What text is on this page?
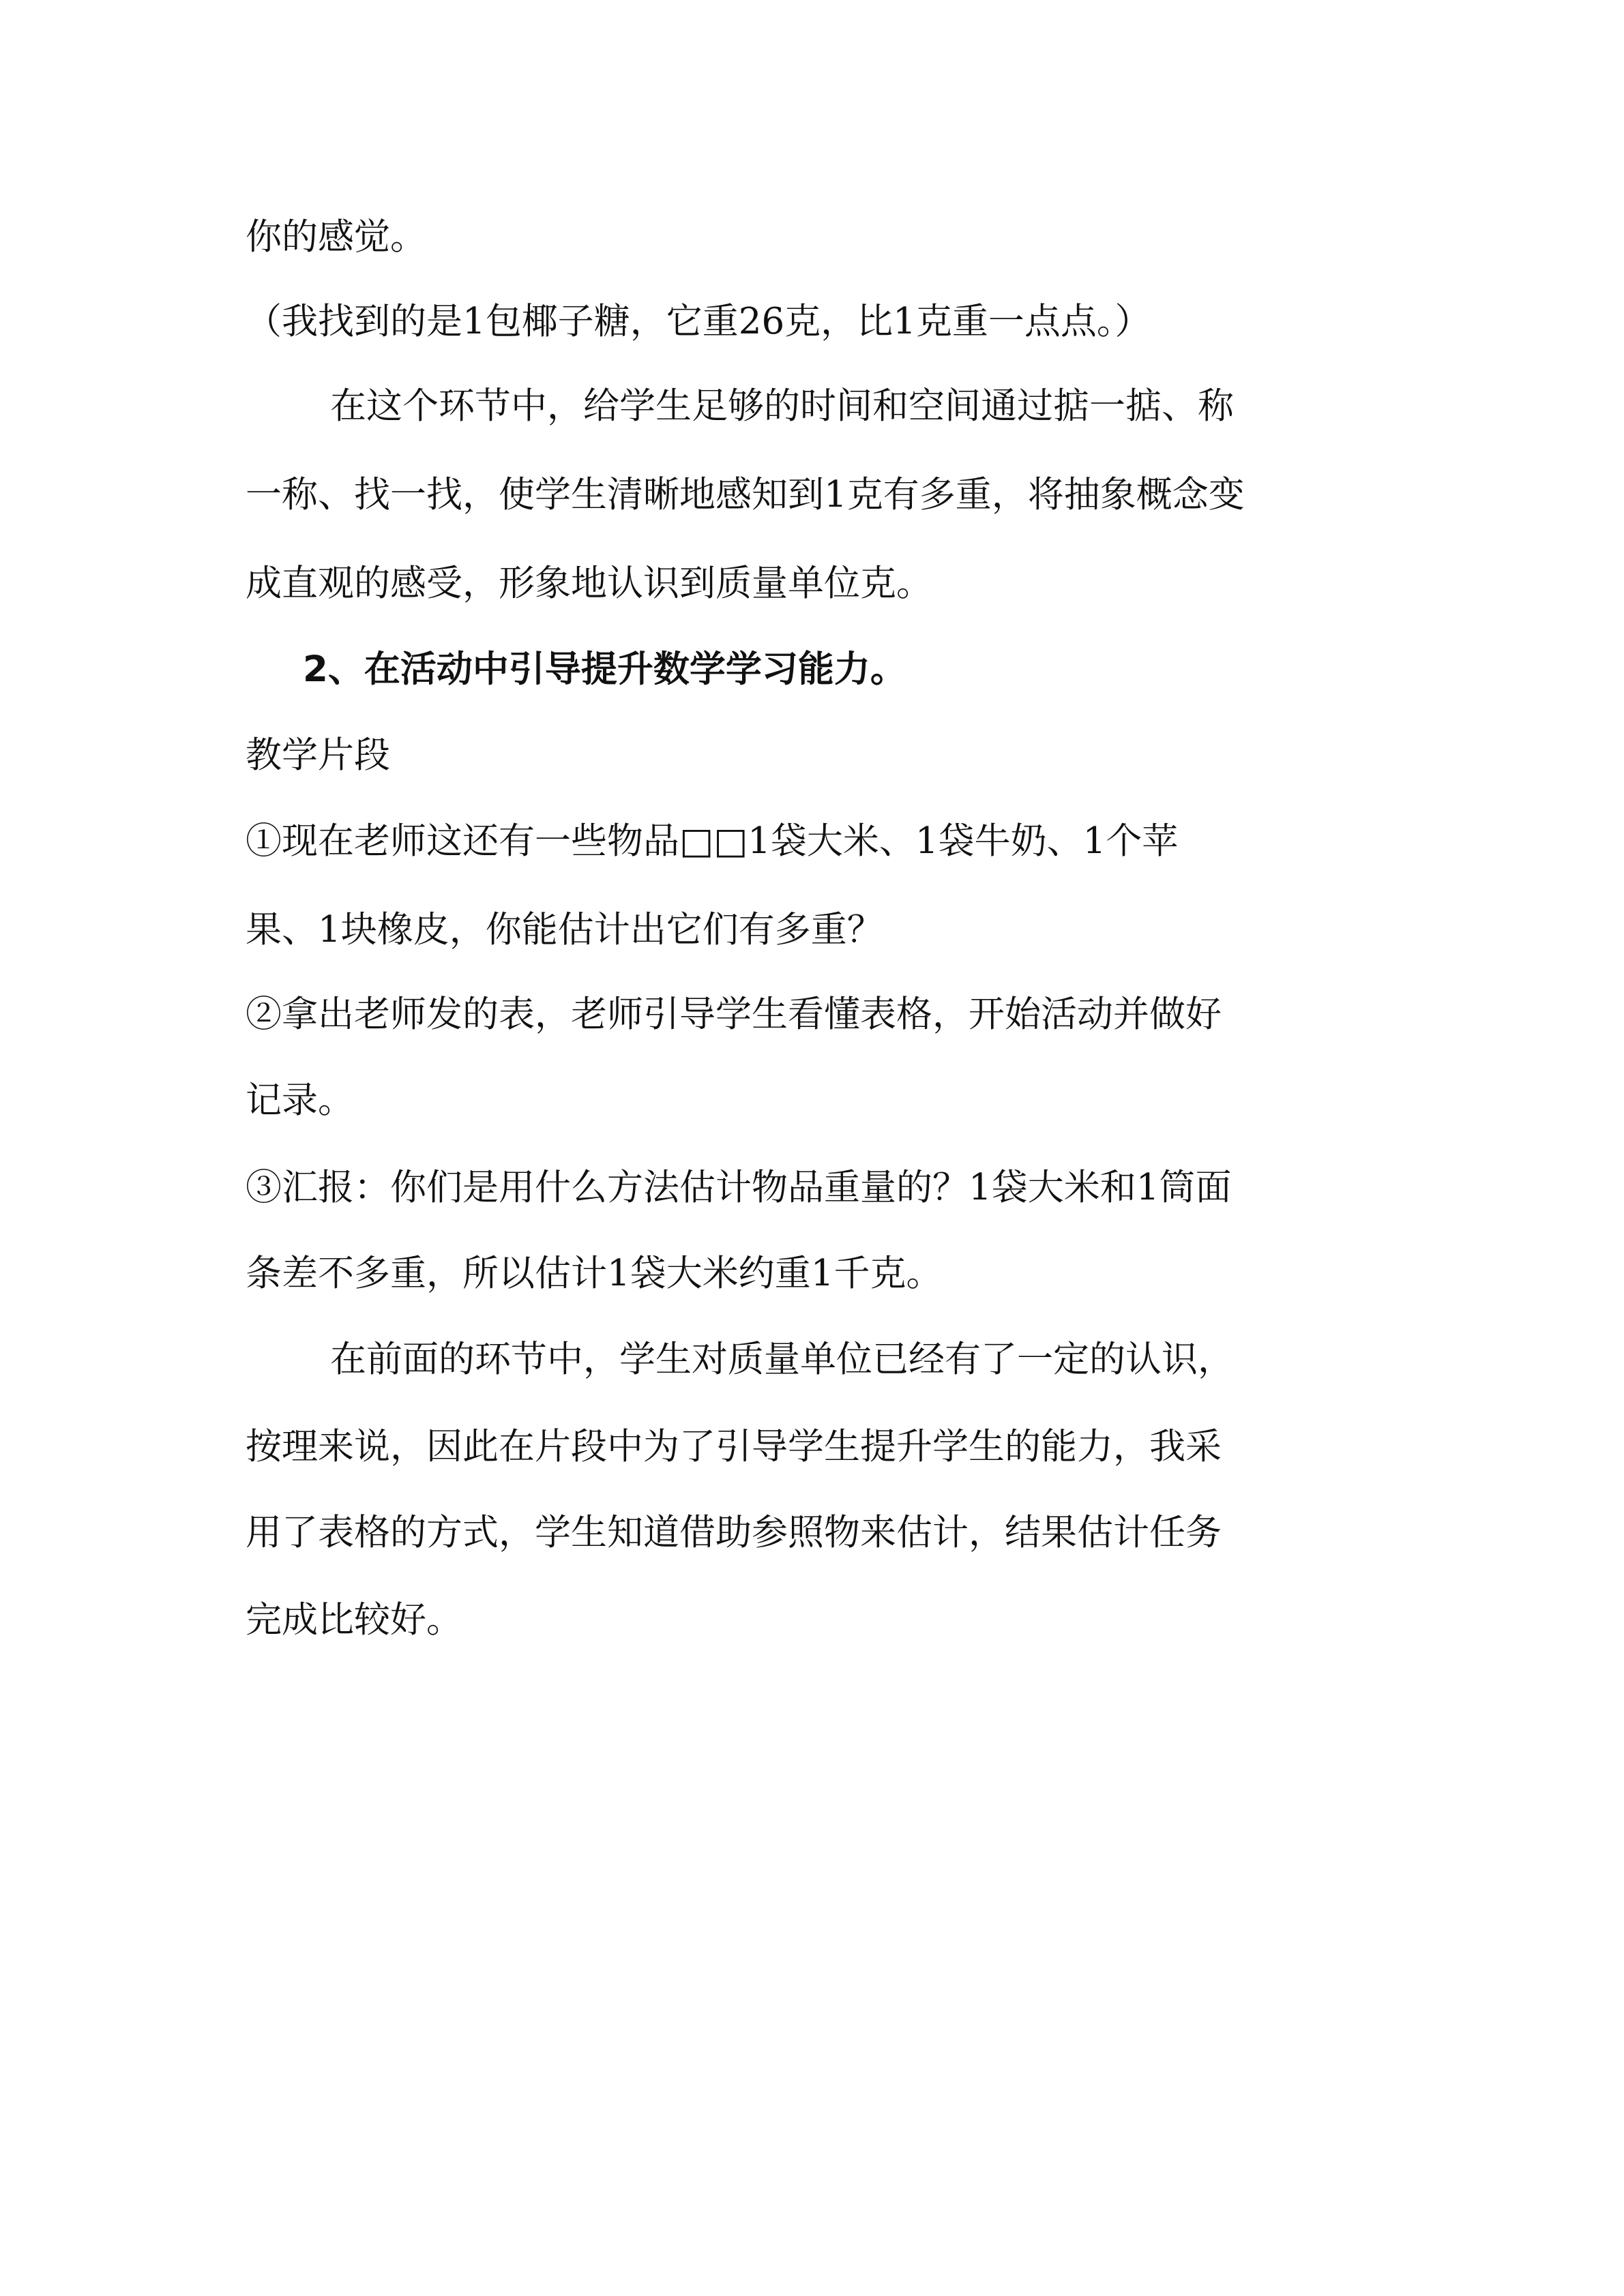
你的感觉。
（我找到的是1包椰子糖，它重26克，比1克重一点点。）
在这个环节中，给学生足够的时间和空间通过掂一掂、称
一称、找一找，使学生清晰地感知到1克有多重，将抽象概念变
成直观的感受，形象地认识到质量单位克。
2、在活动中引导提升数学学习能力。
教学片段
①现在老师这还有一些物品□□1袋大米、1袋牛奶、1个苹
果、1块橡皮，你能估计出它们有多重？
②拿出老师发的表，老师引导学生看懂表格，开始活动并做好
记录。
③汇报：你们是用什么方法估计物品重量的？1袋大米和1筒面
条差不多重，所以估计1袋大米约重1千克。
在前面的环节中，学生对质量单位已经有了一定的认识，
按理来说，因此在片段中为了引导学生提升学生的能力，我采
用了表格的方式，学生知道借助参照物来估计，结果估计任务
完成比较好。
